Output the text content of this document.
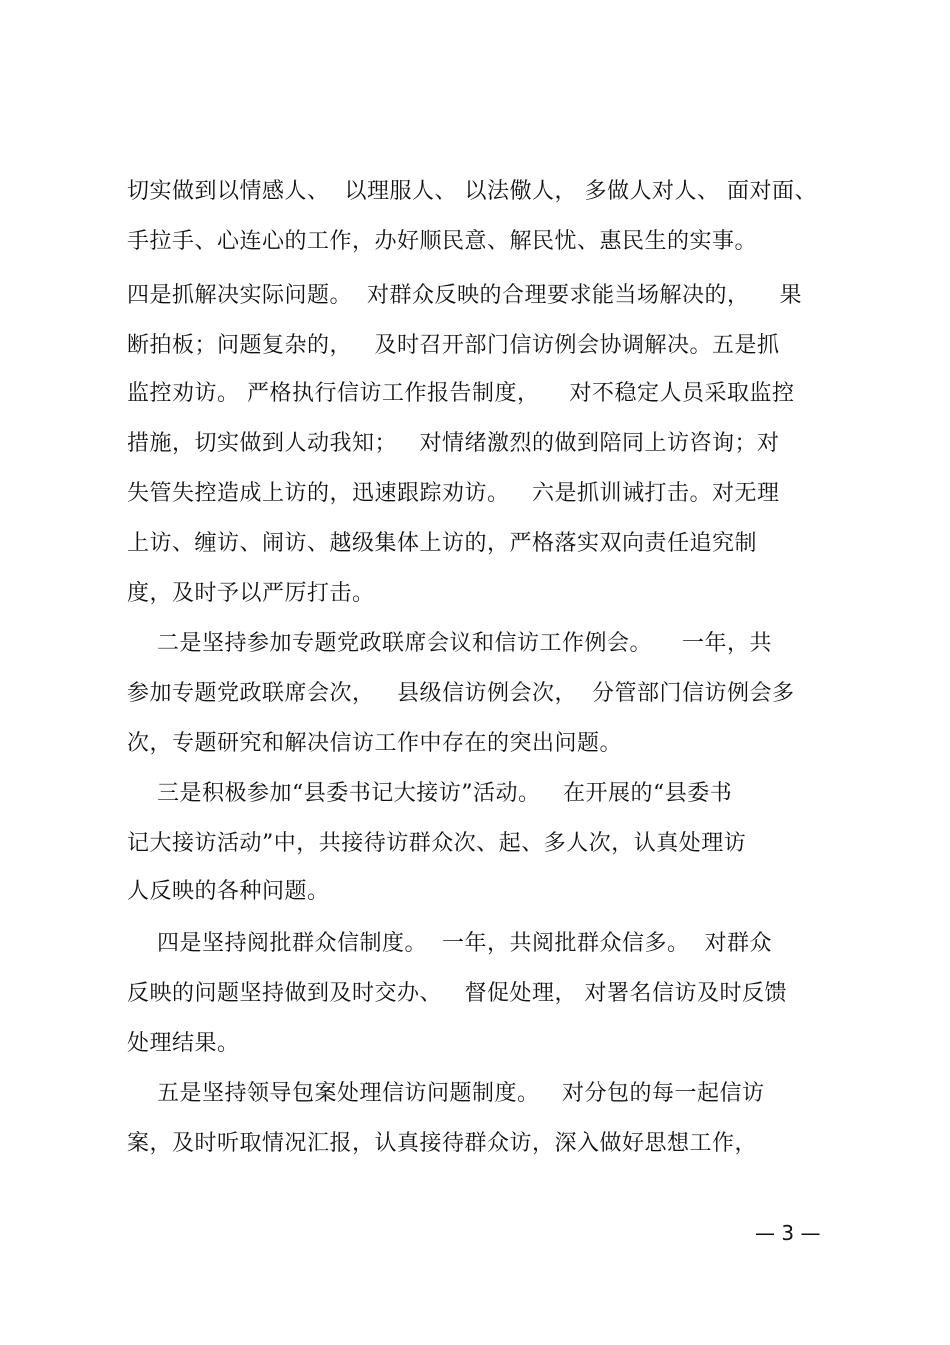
切实做到以情感人、  以理服人、 以法儆人， 多做人对人、 面对面、
手拉手、心连心的工作，办好顺民意、解民忧、惠民生的实事。
四是抓解决实际问题。  对群众反映的合理要求能当场解决的，    果
断拍板；问题复杂的，   及时召开部门信访例会协调解决。五是抓
监控劝访。 严格执行信访工作报告制度，    对不稳定人员采取监控
措施，切实做到人动我知；   对情绪激烈的做到陪同上访咨询；对
失管失控造成上访的，迅速跟踪劝访。   六是抓训诫打击。对无理
上访、缠访、闹访、越级集体上访的，严格落实双向责任追究制
度，及时予以严厉打击。
二是坚持参加专题党政联席会议和信访工作例会。    一年，共
参加专题党政联席会次，   县级信访例会次，  分管部门信访例会多
次，专题研究和解决信访工作中存在的突出问题。
三是积极参加“县委书记大接访”活动。   在开展的“县委书
记大接访活动”中，共接待访群众次、起、多人次，认真处理访
人反映的各种问题。
四是坚持阅批群众信制度。  一年，共阅批群众信多。  对群众
反映的问题坚持做到及时交办、   督促处理， 对署名信访及时反馈
处理结果。
五是坚持领导包案处理信访问题制度。   对分包的每一起信访
案，及时听取情况汇报，认真接待群众访，深入做好思想工作，
— 3 —
